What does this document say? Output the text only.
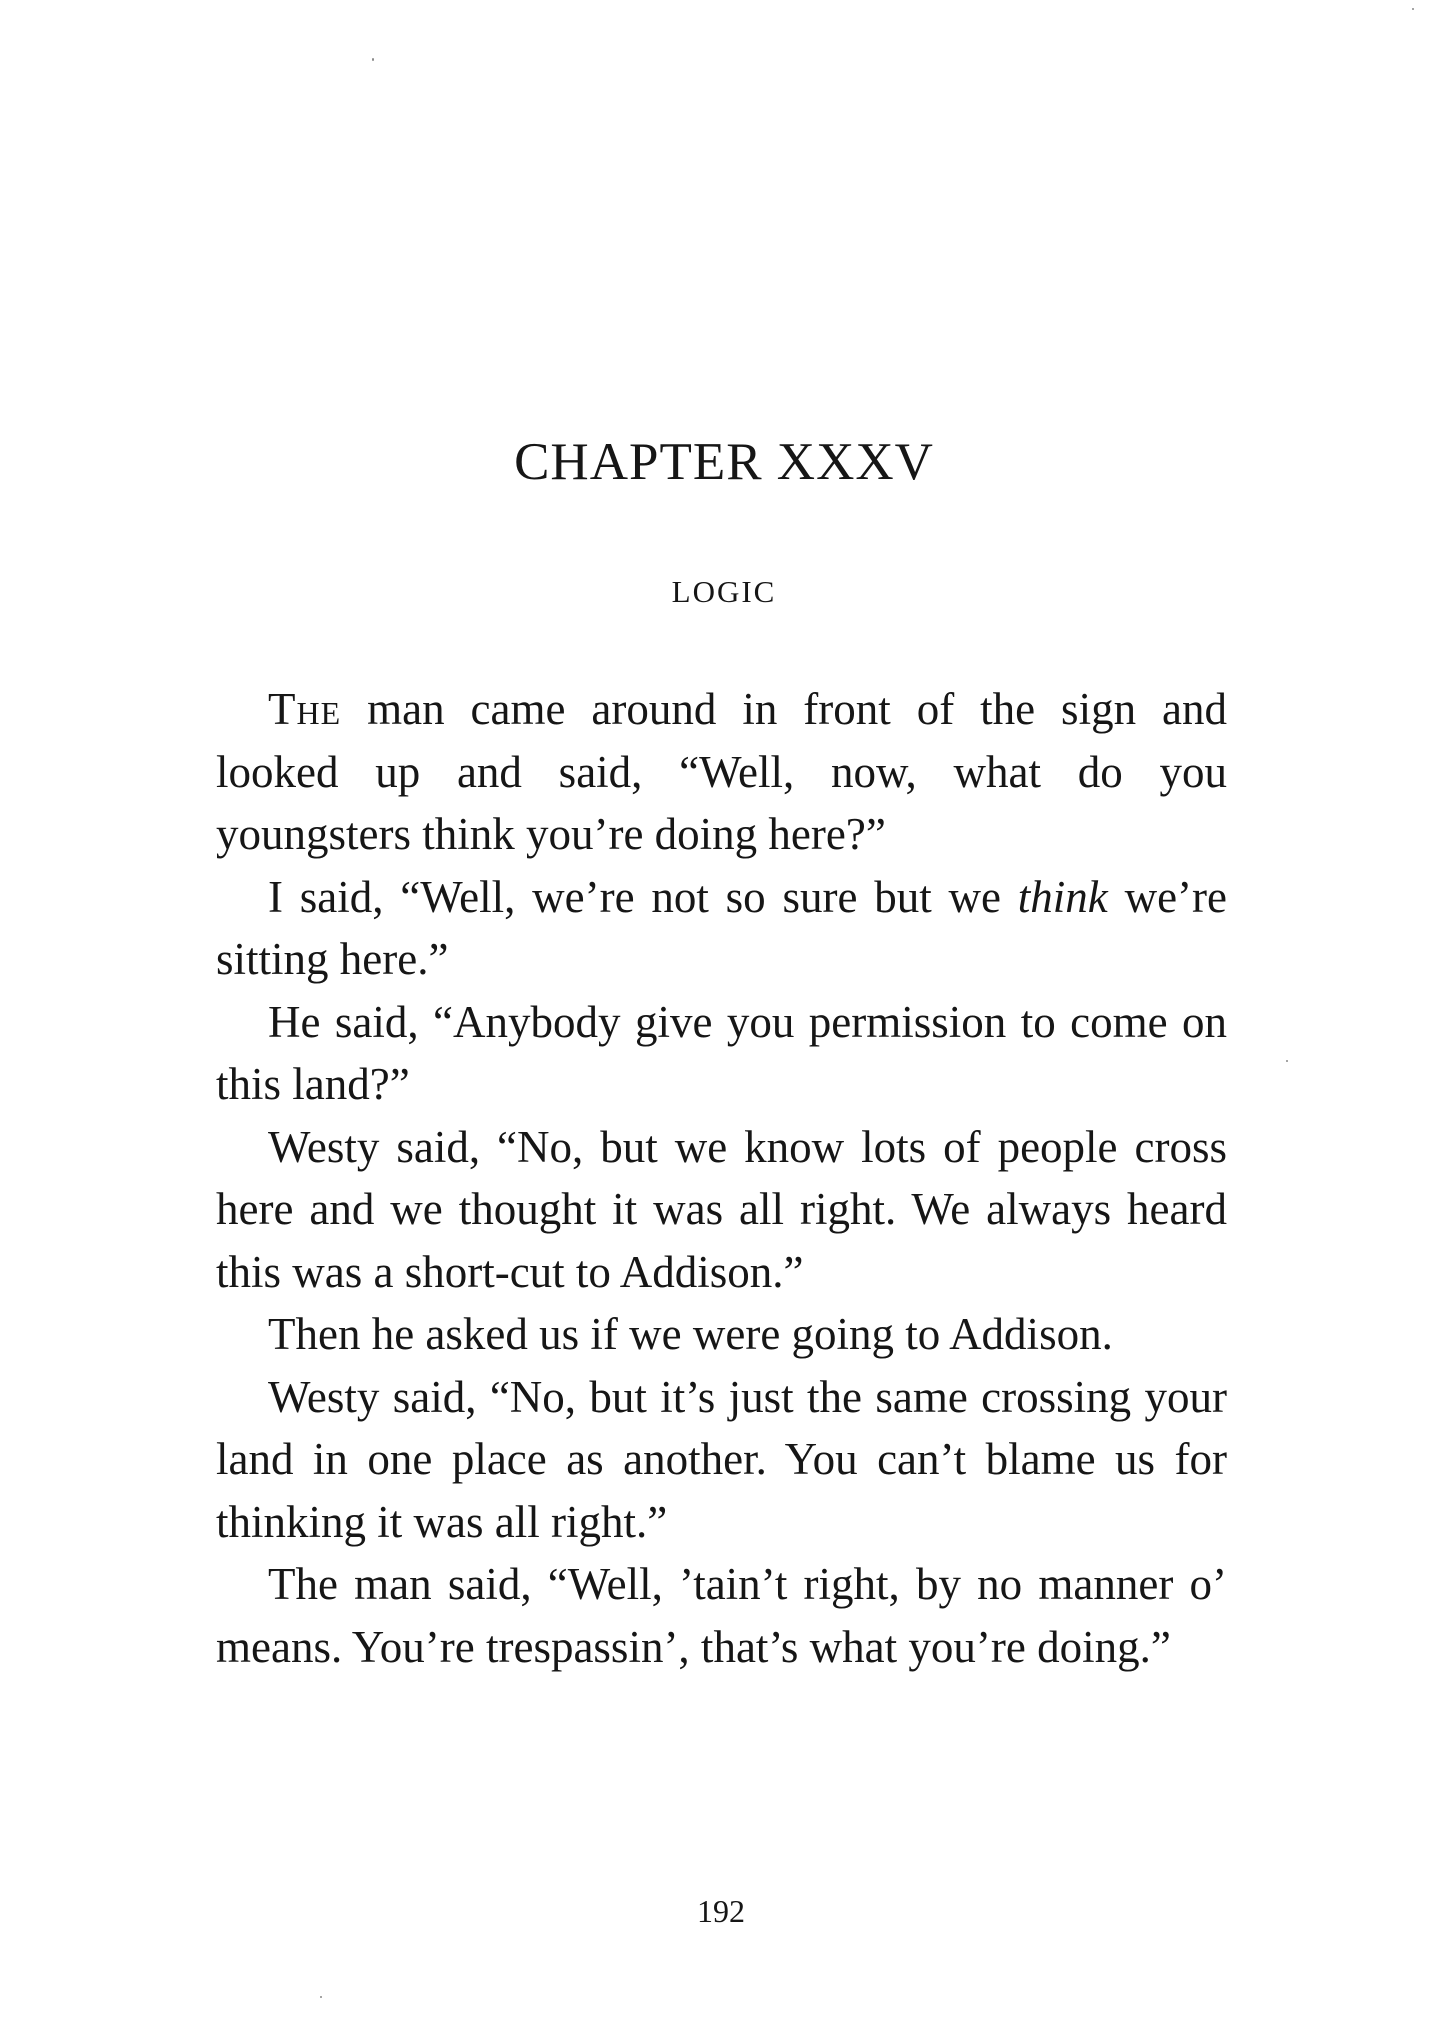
CHAPTER XXXV
LOGIC

The man came around in front of the sign and looked up and said, “Well, now, what do you youngsters think you’re doing here?”

I said, “Well, we’re not so sure but we think we’re sitting here.”

He said, “Anybody give you permission to come on this land?”

Westy said, “No, but we know lots of people cross here and we thought it was all right. We always heard this was a short-cut to Addison.”

Then he asked us if we were going to Addison.

Westy said, “No, but it’s just the same crossing your land in one place as another. You can’t blame us for thinking it was all right.”

The man said, “Well, ’tain’t right, by no manner o’ means. You’re trespassin’, that’s what you’re doing.”

192
